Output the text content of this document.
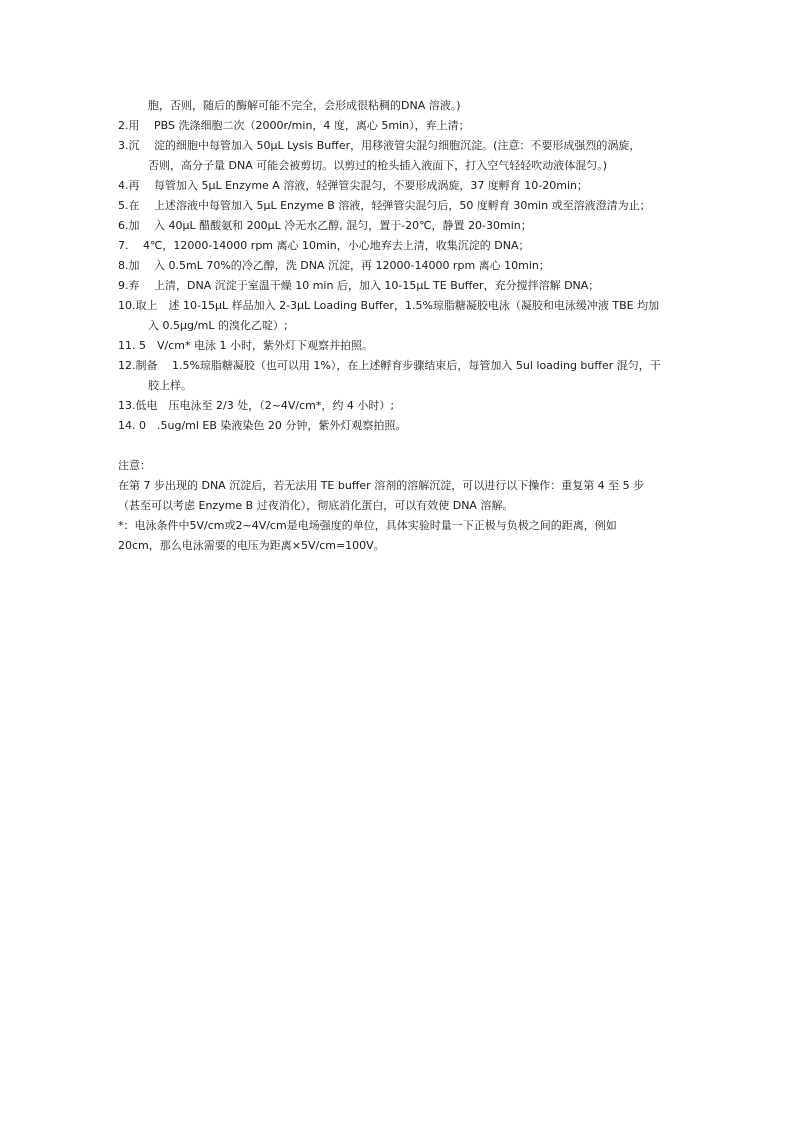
胞，否则，随后的酶解可能不完全，会形成很粘稠的DNA 溶液。)
2.用　 PBS 洗涤细胞二次（2000r/min，4 度，离心 5min），弃上清；
3.沉　 淀的细胞中每管加入 50μL Lysis Buffer，用移液管尖混匀细胞沉淀。(注意：不要形成强烈的涡旋，
否则，高分子量 DNA 可能会被剪切。以剪过的枪头插入液面下，打入空气轻轻吹动液体混匀。)
4.再　 每管加入 5μL Enzyme A 溶液，轻弹管尖混匀，不要形成涡旋，37 度孵育 10-20min；
5.在　 上述溶液中每管加入 5μL Enzyme B 溶液，轻弹管尖混匀后，50 度孵育 30min 或至溶液澄清为止；
6.加　 入 40μL 醋酸氨和 200μL 冷无水乙醇, 混匀，置于-20℃，静置 20-30min；
7.　 4℃，12000-14000 rpm 离心 10min，小心地弃去上清，收集沉淀的 DNA；
8.加　 入 0.5mL 70%的冷乙醇，洗 DNA 沉淀，再 12000-14000 rpm 离心 10min；
9.弃　 上清，DNA 沉淀于室温干燥 10 min 后，加入 10-15μL TE Buffer，充分搅拌溶解 DNA；
10.取上　述 10-15μL 样品加入 2-3μL Loading Buffer，1.5%琼脂糖凝胶电泳（凝胶和电泳缓冲液 TBE 均加
入 0.5μg/mL 的溴化乙啶）;
11. 5　V/cm* 电泳 1 小时，紫外灯下观察并拍照。
12.制备　 1.5%琼脂糖凝胶（也可以用 1%），在上述孵育步骤结束后，每管加入 5ul loading buffer 混匀，干
胶上样。
13.低电　压电泳至 2/3 处，（2~4V/cm*，约 4 小时）;
14. 0　.5ug/ml EB 染液染色 20 分钟，紫外灯观察拍照。
注意：
在第 7 步出现的 DNA 沉淀后，若无法用 TE buffer 溶剂的溶解沉淀，可以进行以下操作：重复第 4 至 5 步
（甚至可以考虑 Enzyme B 过夜消化），彻底消化蛋白，可以有效使 DNA 溶解。
*：电泳条件中5V/cm或2~4V/cm是电场强度的单位，具体实验时量一下正极与负极之间的距离，例如
20cm，那么电泳需要的电压为距离×5V/cm=100V。
